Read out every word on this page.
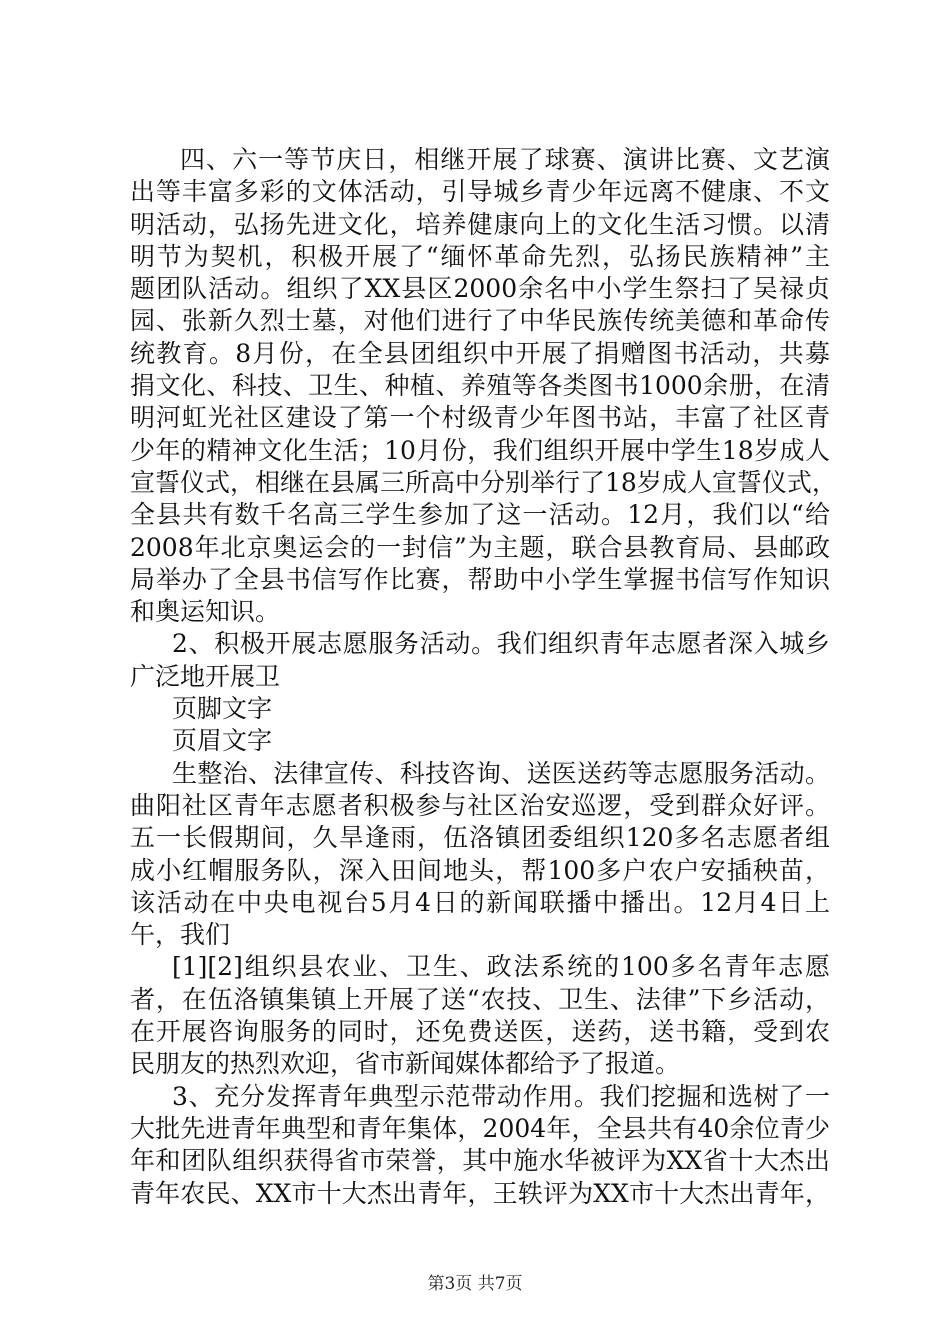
四、六一等节庆日，相继开展了球赛、演讲比赛、文艺演
出等丰富多彩的文体活动，引导城乡青少年远离不健康、不文
明活动，弘扬先进文化，培养健康向上的文化生活习惯。以清
明节为契机，积极开展了“缅怀革命先烈，弘扬民族精神”主
题团队活动。组织了XX县区2000余名中小学生祭扫了吴禄贞
园、张新久烈士墓，对他们进行了中华民族传统美德和革命传
统教育。8月份，在全县团组织中开展了捐赠图书活动，共募
捐文化、科技、卫生、种植、养殖等各类图书1000余册，在清
明河虹光社区建设了第一个村级青少年图书站，丰富了社区青
少年的精神文化生活；10月份，我们组织开展中学生18岁成人
宣誓仪式，相继在县属三所高中分别举行了18岁成人宣誓仪式，
全县共有数千名高三学生参加了这一活动。12月，我们以“给
2008年北京奥运会的一封信”为主题，联合县教育局、县邮政
局举办了全县书信写作比赛，帮助中小学生掌握书信写作知识
和奥运知识。
2、积极开展志愿服务活动。我们组织青年志愿者深入城乡
广泛地开展卫
页脚文字
页眉文字
生整治、法律宣传、科技咨询、送医送药等志愿服务活动。
曲阳社区青年志愿者积极参与社区治安巡逻，受到群众好评。
五一长假期间，久旱逢雨，伍洛镇团委组织120多名志愿者组
成小红帽服务队，深入田间地头，帮100多户农户安插秧苗，
该活动在中央电视台5月4日的新闻联播中播出。12月4日上
午，我们
[1][2]组织县农业、卫生、政法系统的100多名青年志愿
者，在伍洛镇集镇上开展了送“农技、卫生、法律”下乡活动，
在开展咨询服务的同时，还免费送医，送药，送书籍，受到农
民朋友的热烈欢迎，省市新闻媒体都给予了报道。
3、充分发挥青年典型示范带动作用。我们挖掘和选树了一
大批先进青年典型和青年集体，2004年，全县共有40余位青少
年和团队组织获得省市荣誉，其中施水华被评为XX省十大杰出
青年农民、XX市十大杰出青年，王轶评为XX市十大杰出青年，
第3页 共7页
